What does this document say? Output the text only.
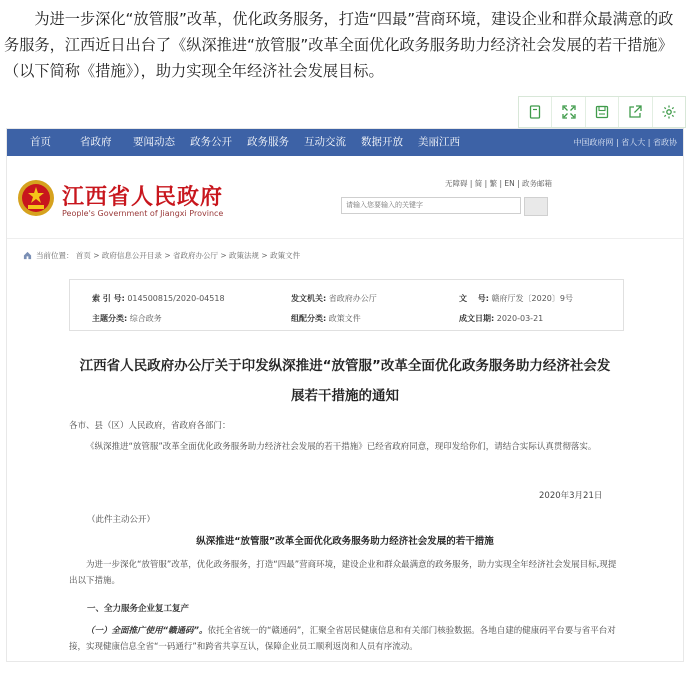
为进一步深化“放管服”改革，优化政务服务，打造“四最”营商环境，建设企业和群众最满意的政务服务，江西近日出台了《纵深推进“放管服”改革全面优化政务服务助力经济社会发展的若干措施》（以下简称《措施》），助力实现全年经济社会发展目标。

首页	省政府 要闻动态 政务公开 政务服务 互动交流 数据开放 美丽江西	中国政府网 | 省人大 | 省政协
江西省人民政府
People's Government of Jiangxi Province
无障碍 | 简 | 繁 | EN | 政务邮箱
请输入您要输入的关键字
当前位置： 首页 > 政府信息公开目录 > 省政府办公厅 > 政策法规 > 政策文件
索 引 号: 014500815/2020-04518	发文机关: 省政府办公厅	文　 号: 赣府厅发〔2020〕9号
主题分类: 综合政务	组配分类: 政策文件	成文日期: 2020-03-21
江西省人民政府办公厅关于印发纵深推进“放管服”改革全面优化政务服务助力经济社会发
展若干措施的通知
各市、县（区）人民政府，省政府各部门：

《纵深推进“放管服”改革全面优化政务服务助力经济社会发展的若干措施》已经省政府同意，现印发给你们，请结合实际认真贯彻落实。

2020年3月21日
（此件主动公开）
纵深推进“放管服”改革全面优化政务服务助力经济社会发展的若干措施

为进一步深化“放管服”改革，优化政务服务，打造“四最”营商环境，建设企业和群众最满意的政务服务，助力实现全年经济社会发展目标,现提出以下措施。

一、全力服务企业复工复产

（一）全面推广使用“赣通码”。依托全省统一的“赣通码”，汇聚全省居民健康信息和有关部门核验数据。各地自建的健康码平台要与省平台对接，实现健康信息全省“一码通行”和跨省共享互认，保障企业员工顺利返岗和人员有序流动。
